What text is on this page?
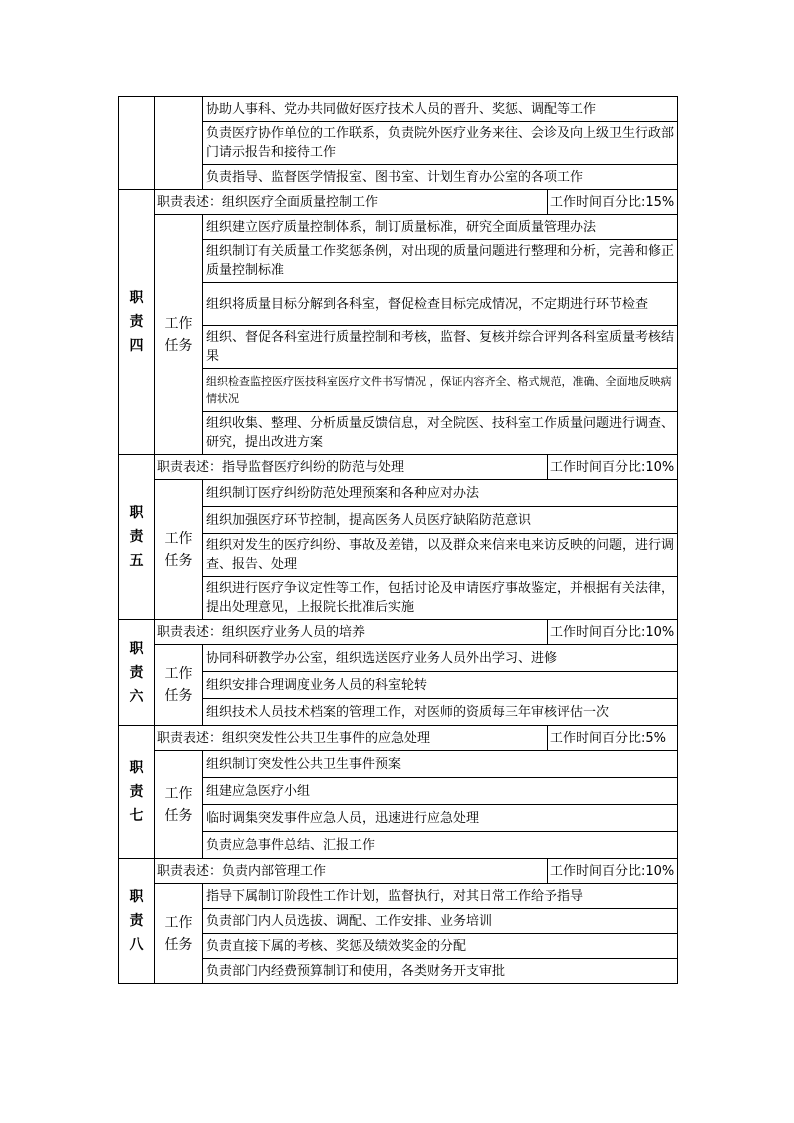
		协助人事科、党办共同做好医疗技术人员的晋升、奖惩、调配等工作	
		负责医疗协作单位的工作联系，负责院外医疗业务来往、会诊及向上级卫生行政部门请示报告和接待工作	
		负责指导、监督医学情报室、图书室、计划生育办公室的各项工作	

职
责
四	职责表述：组织医疗全面质量控制工作		工作时间百分比:15%
	工作
任务	组织建立医疗质量控制体系，制订质量标准，研究全面质量管理办法	
		组织制订有关质量工作奖惩条例，对出现的质量问题进行整理和分析，完善和修正质量控制标准	
		组织将质量目标分解到各科室，督促检查目标完成情况，不定期进行环节检查	
		组织、督促各科室进行质量控制和考核，监督、复核并综合评判各科室质量考核结果	
		组织检查监控医疗医技科室医疗文件书写情况 ，保证内容齐全、格式规范，准确、全面地反映病情状况	
		组织收集、整理、分析质量反馈信息，对全院医、技科室工作质量问题进行调查、研究，提出改进方案	

职
责
五	职责表述：指导监督医疗纠纷的防范与处理		工作时间百分比:10%
	工作
任务	组织制订医疗纠纷防范处理预案和各种应对办法	
		组织加强医疗环节控制，提高医务人员医疗缺陷防范意识	
		组织对发生的医疗纠纷、事故及差错，以及群众来信来电来访反映的问题，进行调查、报告、处理	
		组织进行医疗争议定性等工作，包括讨论及申请医疗事故鉴定，并根据有关法律，提出处理意见，上报院长批准后实施	

职
责
六	职责表述：组织医疗业务人员的培养		工作时间百分比:10%
	工作
任务	协同科研教学办公室，组织选送医疗业务人员外出学习、进修	
		组织安排合理调度业务人员的科室轮转	
		组织技术人员技术档案的管理工作，对医师的资质每三年审核评估一次	

职
责
七	职责表述：组织突发性公共卫生事件的应急处理		工作时间百分比:5%
	工作
任务	组织制订突发性公共卫生事件预案	
		组建应急医疗小组	
		临时调集突发事件应急人员，迅速进行应急处理	
		负责应急事件总结、汇报工作	

职
责
八	职责表述：负责内部管理工作		工作时间百分比:10%
	工作
任务	指导下属制订阶段性工作计划，监督执行，对其日常工作给予指导	
		负责部门内人员选拔、调配、工作安排、业务培训	
		负责直接下属的考核、奖惩及绩效奖金的分配	
		负责部门内经费预算制订和使用，各类财务开支审批	
